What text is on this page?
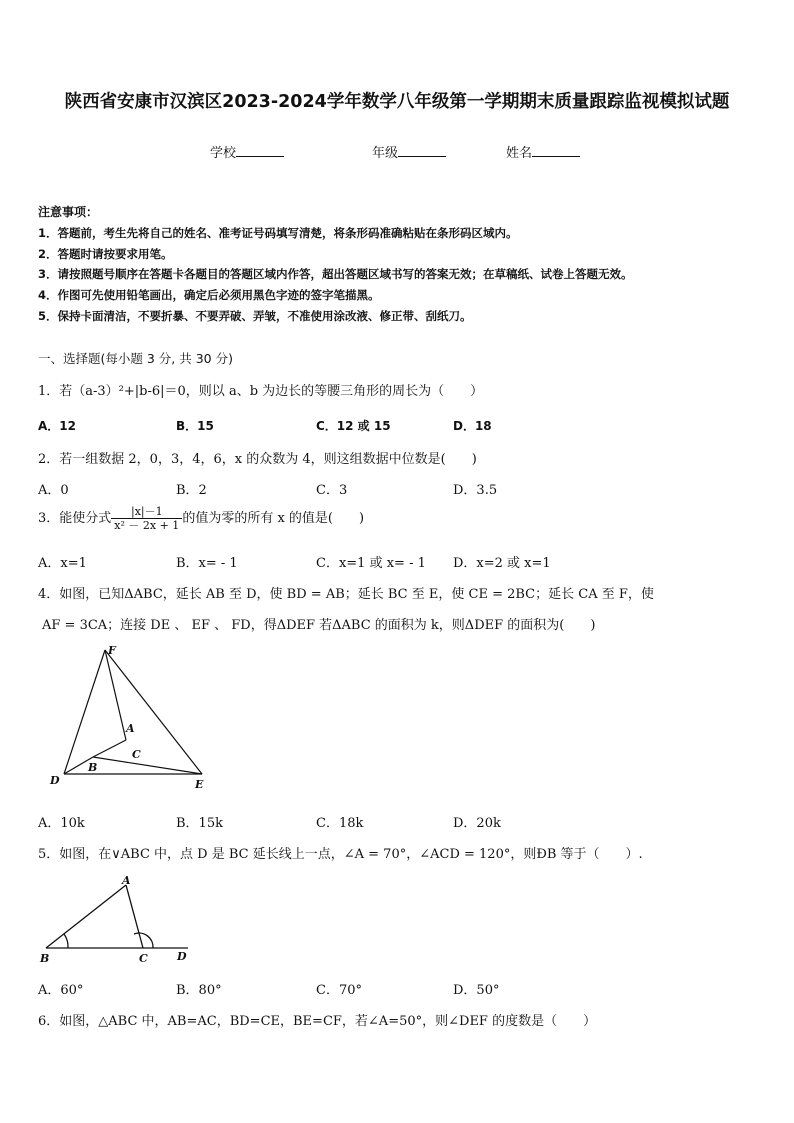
陕西省安康市汉滨区2023-2024学年数学八年级第一学期期末质量跟踪监视模拟试题
学校	年级	姓名
注意事项：
1．答题前，考生先将自己的姓名、准考证号码填写清楚，将条形码准确粘贴在条形码区域内。
2．答题时请按要求用笔。
3．请按照题号顺序在答题卡各题目的答题区域内作答，超出答题区域书写的答案无效；在草稿纸、试卷上答题无效。
4．作图可先使用铅笔画出，确定后必须用黑色字迹的签字笔描黑。
5．保持卡面清洁，不要折暴、不要弄破、弄皱，不准使用涂改液、修正带、刮纸刀。
一、选择题(每小题 3 分, 共 30 分)
1．若（a-3）²+|b-6|＝0，则以 a、b 为边长的等腰三角形的周长为（　　）
A．12	B．15	C．12 或 15	D．18
2．若一组数据 2，0，3，4，6，x 的众数为 4，则这组数据中位数是(　　)
A．0	B．2	C．3	D．3.5
3．能使分式 $\frac{|x|-1}{\text{x² － 2x + 1}}$ 的值为零的所有 x 的值是(　　)
A．x=1	B．x= - 1	C．x=1 或 x= - 1 D．x=2 或 x=1
4．如图，已知ΔABC，延长 AB 至 D，使 BD = AB；延长 BC 至 E，使 CE = 2BC；延长 CA 至 F，使
AF = 3CA；连接 DE 、 EF 、 FD，得ΔDEF 若ΔABC 的面积为 k，则ΔDEF 的面积为(　　)
F
A
C
B
D	E
A．10k	B．15k	C．18k	D．20k
5．如图，在∨ABC 中，点 D 是 BC 延长线上一点，∠A = 70°，∠ACD = 120°，则ÐB 等于（　　）.
A
B	C	D
A．60°	B．80°	C．70°	D．50°
6．如图，△ABC 中，AB=AC，BD=CE，BE=CF，若∠A=50°，则∠DEF 的度数是（　　）
